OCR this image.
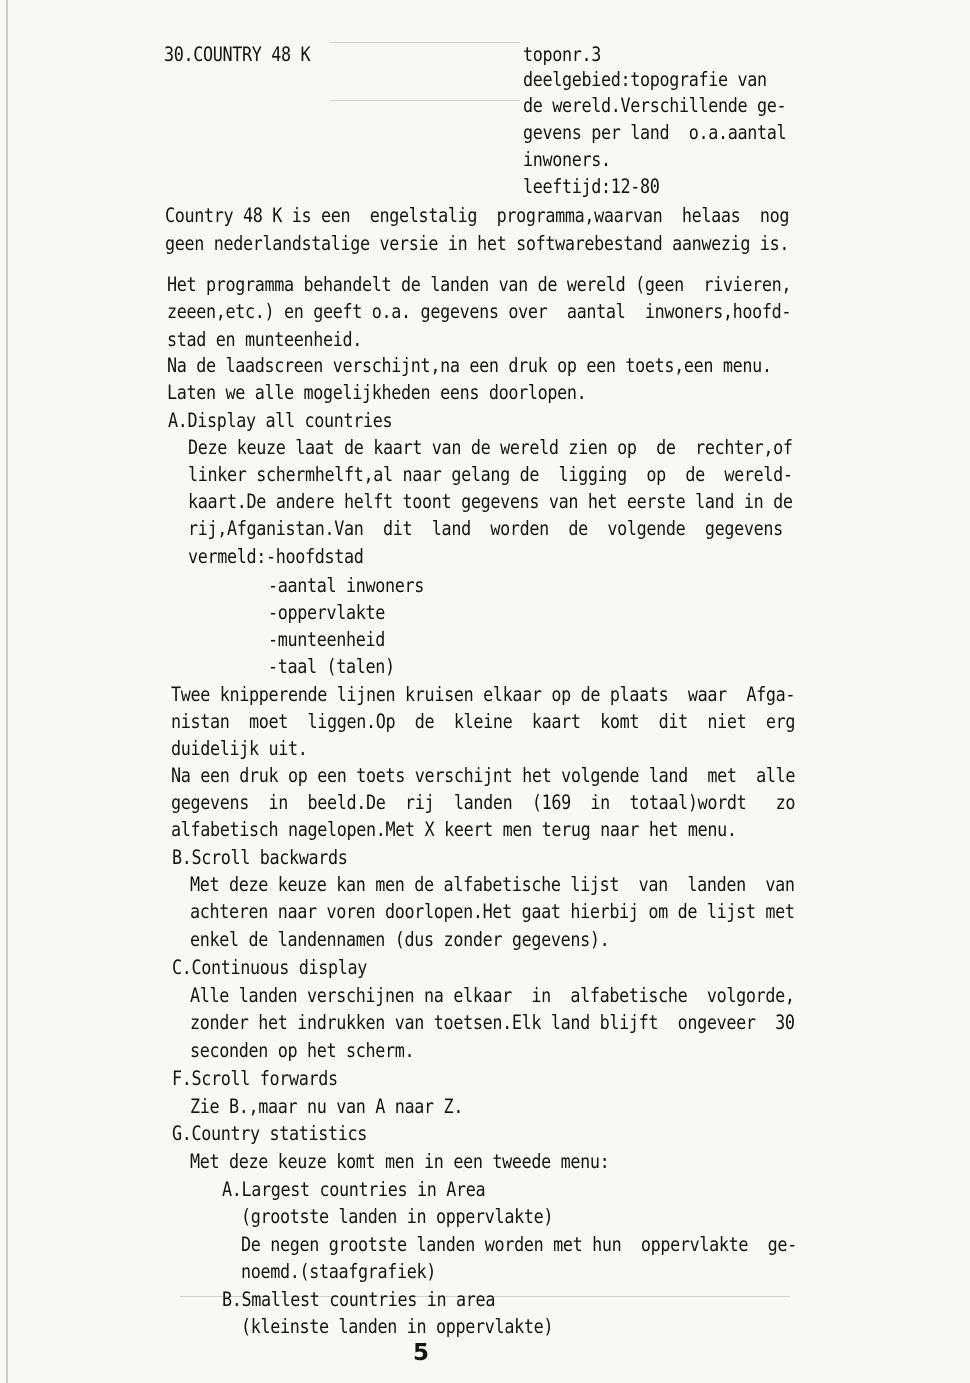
30.COUNTRY 48 K	toponr.3
deelgebied:topografie van
de wereld.Verschillende ge-
gevens per land  o.a.aantal
inwoners.
leeftijd:12-80
Country 48 K is een  engelstalig  programma,waarvan  helaas  nog
geen nederlandstalige versie in het softwarebestand aanwezig is.
Het programma behandelt de landen van de wereld (geen  rivieren,
zeeen,etc.) en geeft o.a. gegevens over  aantal  inwoners,hoofd-
stad en munteenheid.
Na de laadscreen verschijnt,na een druk op een toets,een menu.
Laten we alle mogelijkheden eens doorlopen.
A.Display all countries
Deze keuze laat de kaart van de wereld zien op  de  rechter,of
linker schermhelft,al naar gelang de  ligging  op  de  wereld-
kaart.De andere helft toont gegevens van het eerste land in de
rij,Afganistan.Van  dit  land  worden  de  volgende  gegevens
vermeld:-hoofdstad
-aantal inwoners
-oppervlakte
-munteenheid
-taal (talen)
Twee knipperende lijnen kruisen elkaar op de plaats  waar  Afga-
nistan  moet  liggen.Op  de  kleine  kaart  komt  dit  niet  erg
duidelijk uit.
Na een druk op een toets verschijnt het volgende land  met  alle
gegevens  in  beeld.De  rij  landen  (169  in  totaal)wordt   zo
alfabetisch nagelopen.Met X keert men terug naar het menu.
B.Scroll backwards
Met deze keuze kan men de alfabetische lijst  van  landen  van
achteren naar voren doorlopen.Het gaat hierbij om de lijst met
enkel de landennamen (dus zonder gegevens).
C.Continuous display
Alle landen verschijnen na elkaar  in  alfabetische  volgorde,
zonder het indrukken van toetsen.Elk land blijft  ongeveer  30
seconden op het scherm.
F.Scroll forwards
Zie B.,maar nu van A naar Z.
G.Country statistics
Met deze keuze komt men in een tweede menu:
A.Largest countries in Area
(grootste landen in oppervlakte)
De negen grootste landen worden met hun  oppervlakte  ge-
noemd.(staafgrafiek)
B.Smallest countries in area
(kleinste landen in oppervlakte)
5
